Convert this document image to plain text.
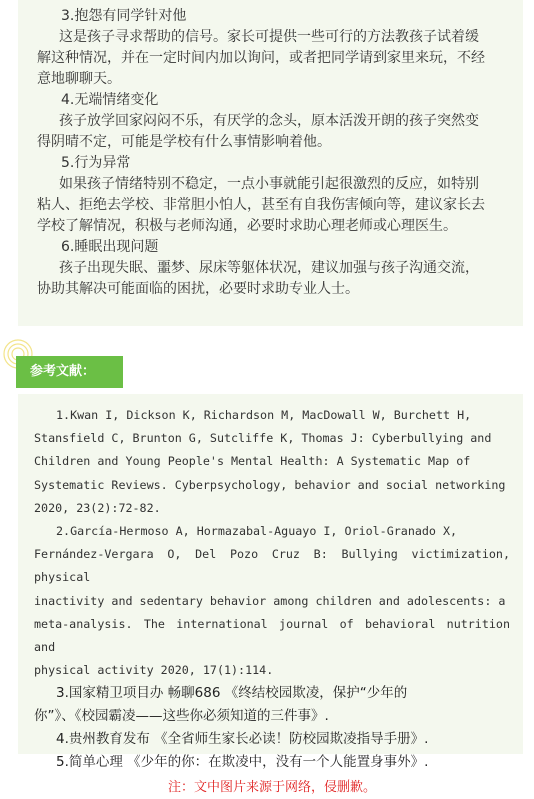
3.抱怨有同学针对他
这是孩子寻求帮助的信号。家长可提供一些可行的方法教孩子试着缓
解这种情况，并在一定时间内加以询问，或者把同学请到家里来玩，不经
意地聊聊天。
4.无端情绪变化
孩子放学回家闷闷不乐，有厌学的念头，原本活泼开朗的孩子突然变
得阴晴不定，可能是学校有什么事情影响着他。
5.行为异常
如果孩子情绪特别不稳定，一点小事就能引起很激烈的反应，如特别
粘人、拒绝去学校、非常胆小怕人，甚至有自我伤害倾向等，建议家长去
学校了解情况，积极与老师沟通，必要时求助心理老师或心理医生。
6.睡眠出现问题
孩子出现失眠、噩梦、尿床等躯体状况，建议加强与孩子沟通交流，
协助其解决可能面临的困扰，必要时求助专业人士。
参考文献：
1.Kwan I, Dickson K, Richardson M, MacDowall W, Burchett H,
Stansfield C, Brunton G, Sutcliffe K, Thomas J: Cyberbullying and
Children and Young People's Mental Health: A Systematic Map of
Systematic Reviews. Cyberpsychology, behavior and social networking
2020, 23(2):72-82.
2.García-Hermoso A, Hormazabal-Aguayo I, Oriol-Granado X,
Fernández-Vergara O, Del Pozo Cruz B: Bullying victimization, physical
inactivity and sedentary behavior among children and adolescents: a
meta-analysis. The international journal of behavioral nutrition and
physical activity 2020, 17(1):114.
3.国家精卫项目办 畅聊686 《终结校园欺凌，保护“少年的
你”》、《校园霸凌——这些你必须知道的三件事》.
4.贵州教育发布 《全省师生家长必读！防校园欺凌指导手册》.
5.简单心理 《少年的你：在欺凌中，没有一个人能置身事外》.
注：文中图片来源于网络，侵删歉。
